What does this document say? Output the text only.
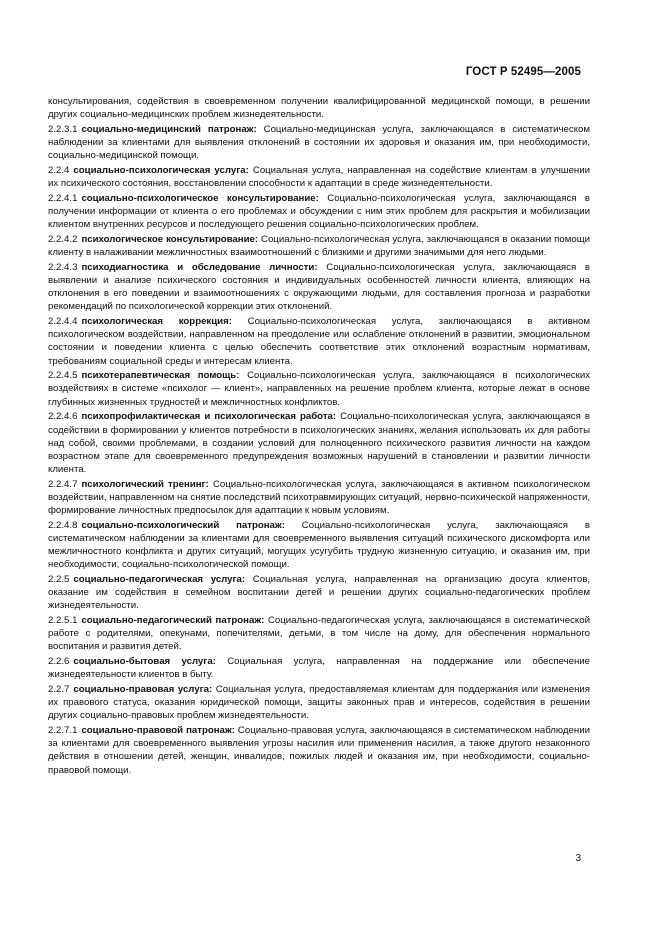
ГОСТ Р 52495—2005

консультирования, содействия в своевременном получении квалифицированной медицинской помощи, в решении других социально-медицинских проблем жизнедеятельности.

2.2.3.1 социально-медицинский патронаж: Социально-медицинская услуга, заключающаяся в систематическом наблюдении за клиентами для выявления отклонений в состоянии их здоровья и оказания им, при необходимости, социально-медицинской помощи.

2.2.4 социально-психологическая услуга: Социальная услуга, направленная на содействие клиентам в улучшении их психического состояния, восстановлении способности к адаптации в среде жизнедеятельности.

2.2.4.1 социально-психологическое консультирование: Социально-психологическая услуга, заключающаяся в получении информации от клиента о его проблемах и обсуждении с ним этих проблем для раскрытия и мобилизации клиентом внутренних ресурсов и последующего решения социально-психологических проблем.

2.2.4.2 психологическое консультирование: Социально-психологическая услуга, заключающаяся в оказании помощи клиенту в налаживании межличностных взаимоотношений с близкими и другими значимыми для него людьми.

2.2.4.3 психодиагностика и обследование личности: Социально-психологическая услуга, заключающаяся в выявлении и анализе психического состояния и индивидуальных особенностей личности клиента, влияющих на отклонения в его поведении и взаимоотношениях с окружающими людьми, для составления прогноза и разработки рекомендаций по психологической коррекции этих отклонений.

2.2.4.4 психологическая коррекция: Социально-психологическая услуга, заключающаяся в активном психологическом воздействии, направленном на преодоление или ослабление отклонений в развитии, эмоциональном состоянии и поведении клиента с целью обеспечить соответствие этих отклонений возрастным нормативам, требованиям социальной среды и интересам клиента.

2.2.4.5 психотерапевтическая помощь: Социально-психологическая услуга, заключающаяся в психологических воздействиях в системе «психолог — клиент», направленных на решение проблем клиента, которые лежат в основе глубинных жизненных трудностей и межличностных конфликтов.

2.2.4.6 психопрофилактическая и психологическая работа: Социально-психологическая услуга, заключающаяся в содействии в формировании у клиентов потребности в психологических знаниях, желания использовать их для работы над собой, своими проблемами, в создании условий для полноценного психического развития личности на каждом возрастном этапе для своевременного предупреждения возможных нарушений в становлении и развитии личности клиента.

2.2.4.7 психологический тренинг: Социально-психологическая услуга, заключающаяся в активном психологическом воздействии, направленном на снятие последствий психотравмирующих ситуаций, нервно-психической напряженности, формирование личностных предпосылок для адаптации к новым условиям.

2.2.4.8 социально-психологический патронаж: Социально-психологическая услуга, заключающаяся в систематическом наблюдении за клиентами для своевременного выявления ситуаций психического дискомфорта или межличностного конфликта и других ситуаций, могущих усугубить трудную жизненную ситуацию, и оказания им, при необходимости, социально-психологической помощи.

2.2.5 социально-педагогическая услуга: Социальная услуга, направленная на организацию досуга клиентов, оказание им содействия в семейном воспитании детей и решении других социально-педагогических проблем жизнедеятельности.

2.2.5.1 социально-педагогический патронаж: Социально-педагогическая услуга, заключающаяся в систематической работе с родителями, опекунами, попечителями, детьми, в том числе на дому, для обеспечения нормального воспитания и развития детей.

2.2.6 социально-бытовая услуга: Социальная услуга, направленная на поддержание или обеспечение жизнедеятельности клиентов в быту.

2.2.7 социально-правовая услуга: Социальная услуга, предоставляемая клиентам для поддержания или изменения их правового статуса, оказания юридической помощи, защиты законных прав и интересов, содействия в решении других социально-правовых проблем жизнедеятельности.

2.2.7.1 социально-правовой патронаж: Социально-правовая услуга, заключающаяся в систематическом наблюдении за клиентами для своевременного выявления угрозы насилия или применения насилия, а также другого незаконного действия в отношении детей, женщин, инвалидов, пожилых людей и оказания им, при необходимости, социально-правовой помощи.

3
